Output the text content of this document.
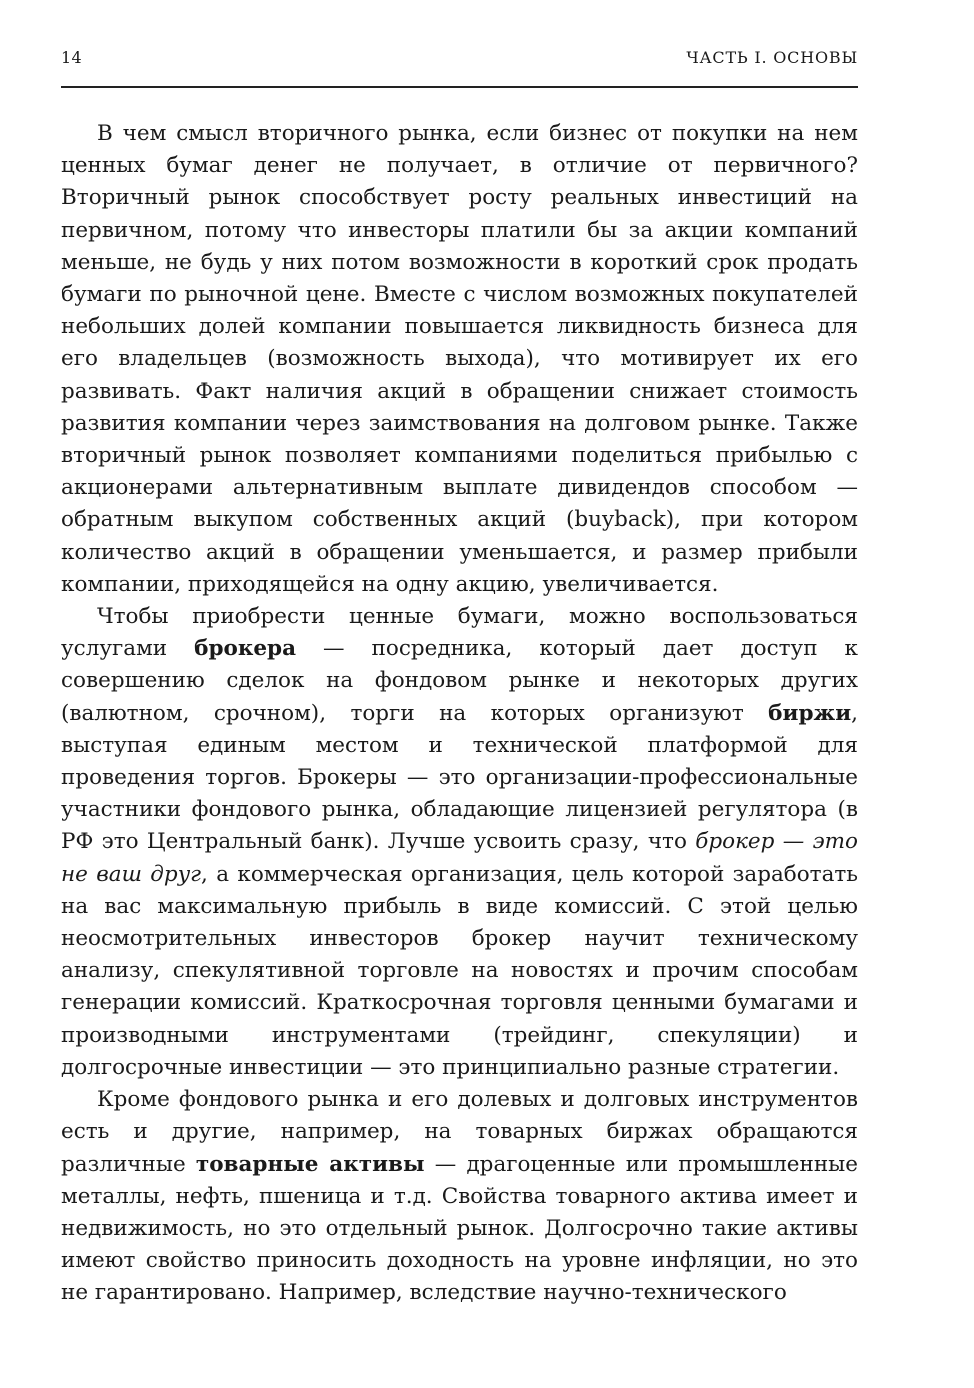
14	ЧАСТЬ I. ОСНОВЫ

В чем смысл вторичного рынка, если бизнес от покупки на нем ценных бумаг денег не получает, в отличие от первичного? Вторичный рынок способствует росту реальных инвестиций на первичном, потому что инвесторы платили бы за акции компаний меньше, не будь у них потом возможности в короткий срок продать бумаги по рыночной цене. Вместе с числом возможных покупателей небольших долей компании повышается ликвидность бизнеса для его владельцев (возможность выхода), что мотивирует их его развивать. Факт наличия акций в обращении снижает стоимость развития компании через заимствования на долговом рынке. Также вторичный рынок позволяет компаниями поделиться прибылью с акционерами альтернативным выплате дивидендов способом — обратным выкупом собственных акций (buyback), при котором количество акций в обращении уменьшается, и размер прибыли компании, приходящейся на одну акцию, увеличивается.

Чтобы приобрести ценные бумаги, можно воспользоваться услугами брокера — посредника, который дает доступ к совершению сделок на фондовом рынке и некоторых других (валютном, срочном), торги на которых организуют биржи, выступая единым местом и технической платформой для проведения торгов. Брокеры — это организации-профессиональные участники фондового рынка, обладающие лицензией регулятора (в РФ это Центральный банк). Лучше усвоить сразу, что брокер — это не ваш друг, а коммерческая организация, цель которой заработать на вас максимальную прибыль в виде комиссий. С этой целью неосмотрительных инвесторов брокер научит техническому анализу, спекулятивной торговле на новостях и прочим способам генерации комиссий. Краткосрочная торговля ценными бумагами и производными инструментами (трейдинг, спекуляции) и долгосрочные инвестиции — это принципиально разные стратегии.

Кроме фондового рынка и его долевых и долговых инструментов есть и другие, например, на товарных биржах обращаются различные товарные активы — драгоценные или промышленные металлы, нефть, пшеница и т.д. Свойства товарного актива имеет и недвижимость, но это отдельный рынок. Долгосрочно такие активы имеют свойство приносить доходность на уровне инфляции, но это не гарантировано. Например, вследствие научно-технического
